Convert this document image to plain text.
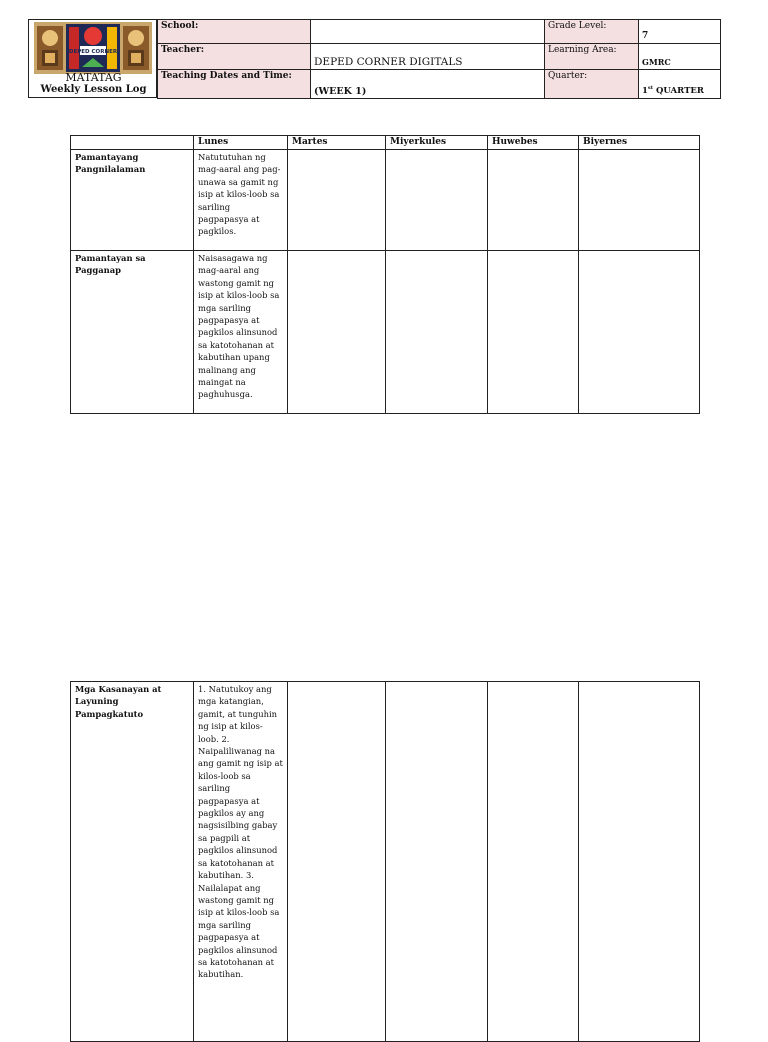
DEPED CORNER
MATATAG
Weekly Lesson Log
School:		Grade Level:	7
Teacher:	DEPED CORNER DIGITALS	Learning Area:	GMRC
Teaching Dates and Time:	(WEEK 1)	Quarter:	1st QUARTER
	Lunes	Martes	Miyerkules	Huwebes	Biyernes
Pamantayang Pangnilalaman	Natututuhan ng mag-aaral ang pag-unawa sa gamit ng isip at kilos-loob sa sariling pagpapasya at pagkilos.				
Pamantayan sa Pagganap	Naisasagawa ng mag-aaral ang wastong gamit ng isip at kilos-loob sa mga sariling pagpapasya at pagkilos alinsunod sa katotohanan at kabutihan upang malinang ang maingat na paghuhusga.				
Mga Kasanayan at Layuning Pampagkatuto	1. Natutukoy ang mga katangian, gamit, at tunguhin ng isip at kilos-loob. 2. Naipaliliwanag na ang gamit ng isip at kilos-loob sa sariling pagpapasya at pagkilos ay ang nagsisilbing gabay sa pagpili at pagkilos alinsunod sa katotohanan at kabutihan. 3. Nailalapat ang wastong gamit ng isip at kilos-loob sa mga sariling pagpapasya at pagkilos alinsunod sa katotohanan at kabutihan.				
